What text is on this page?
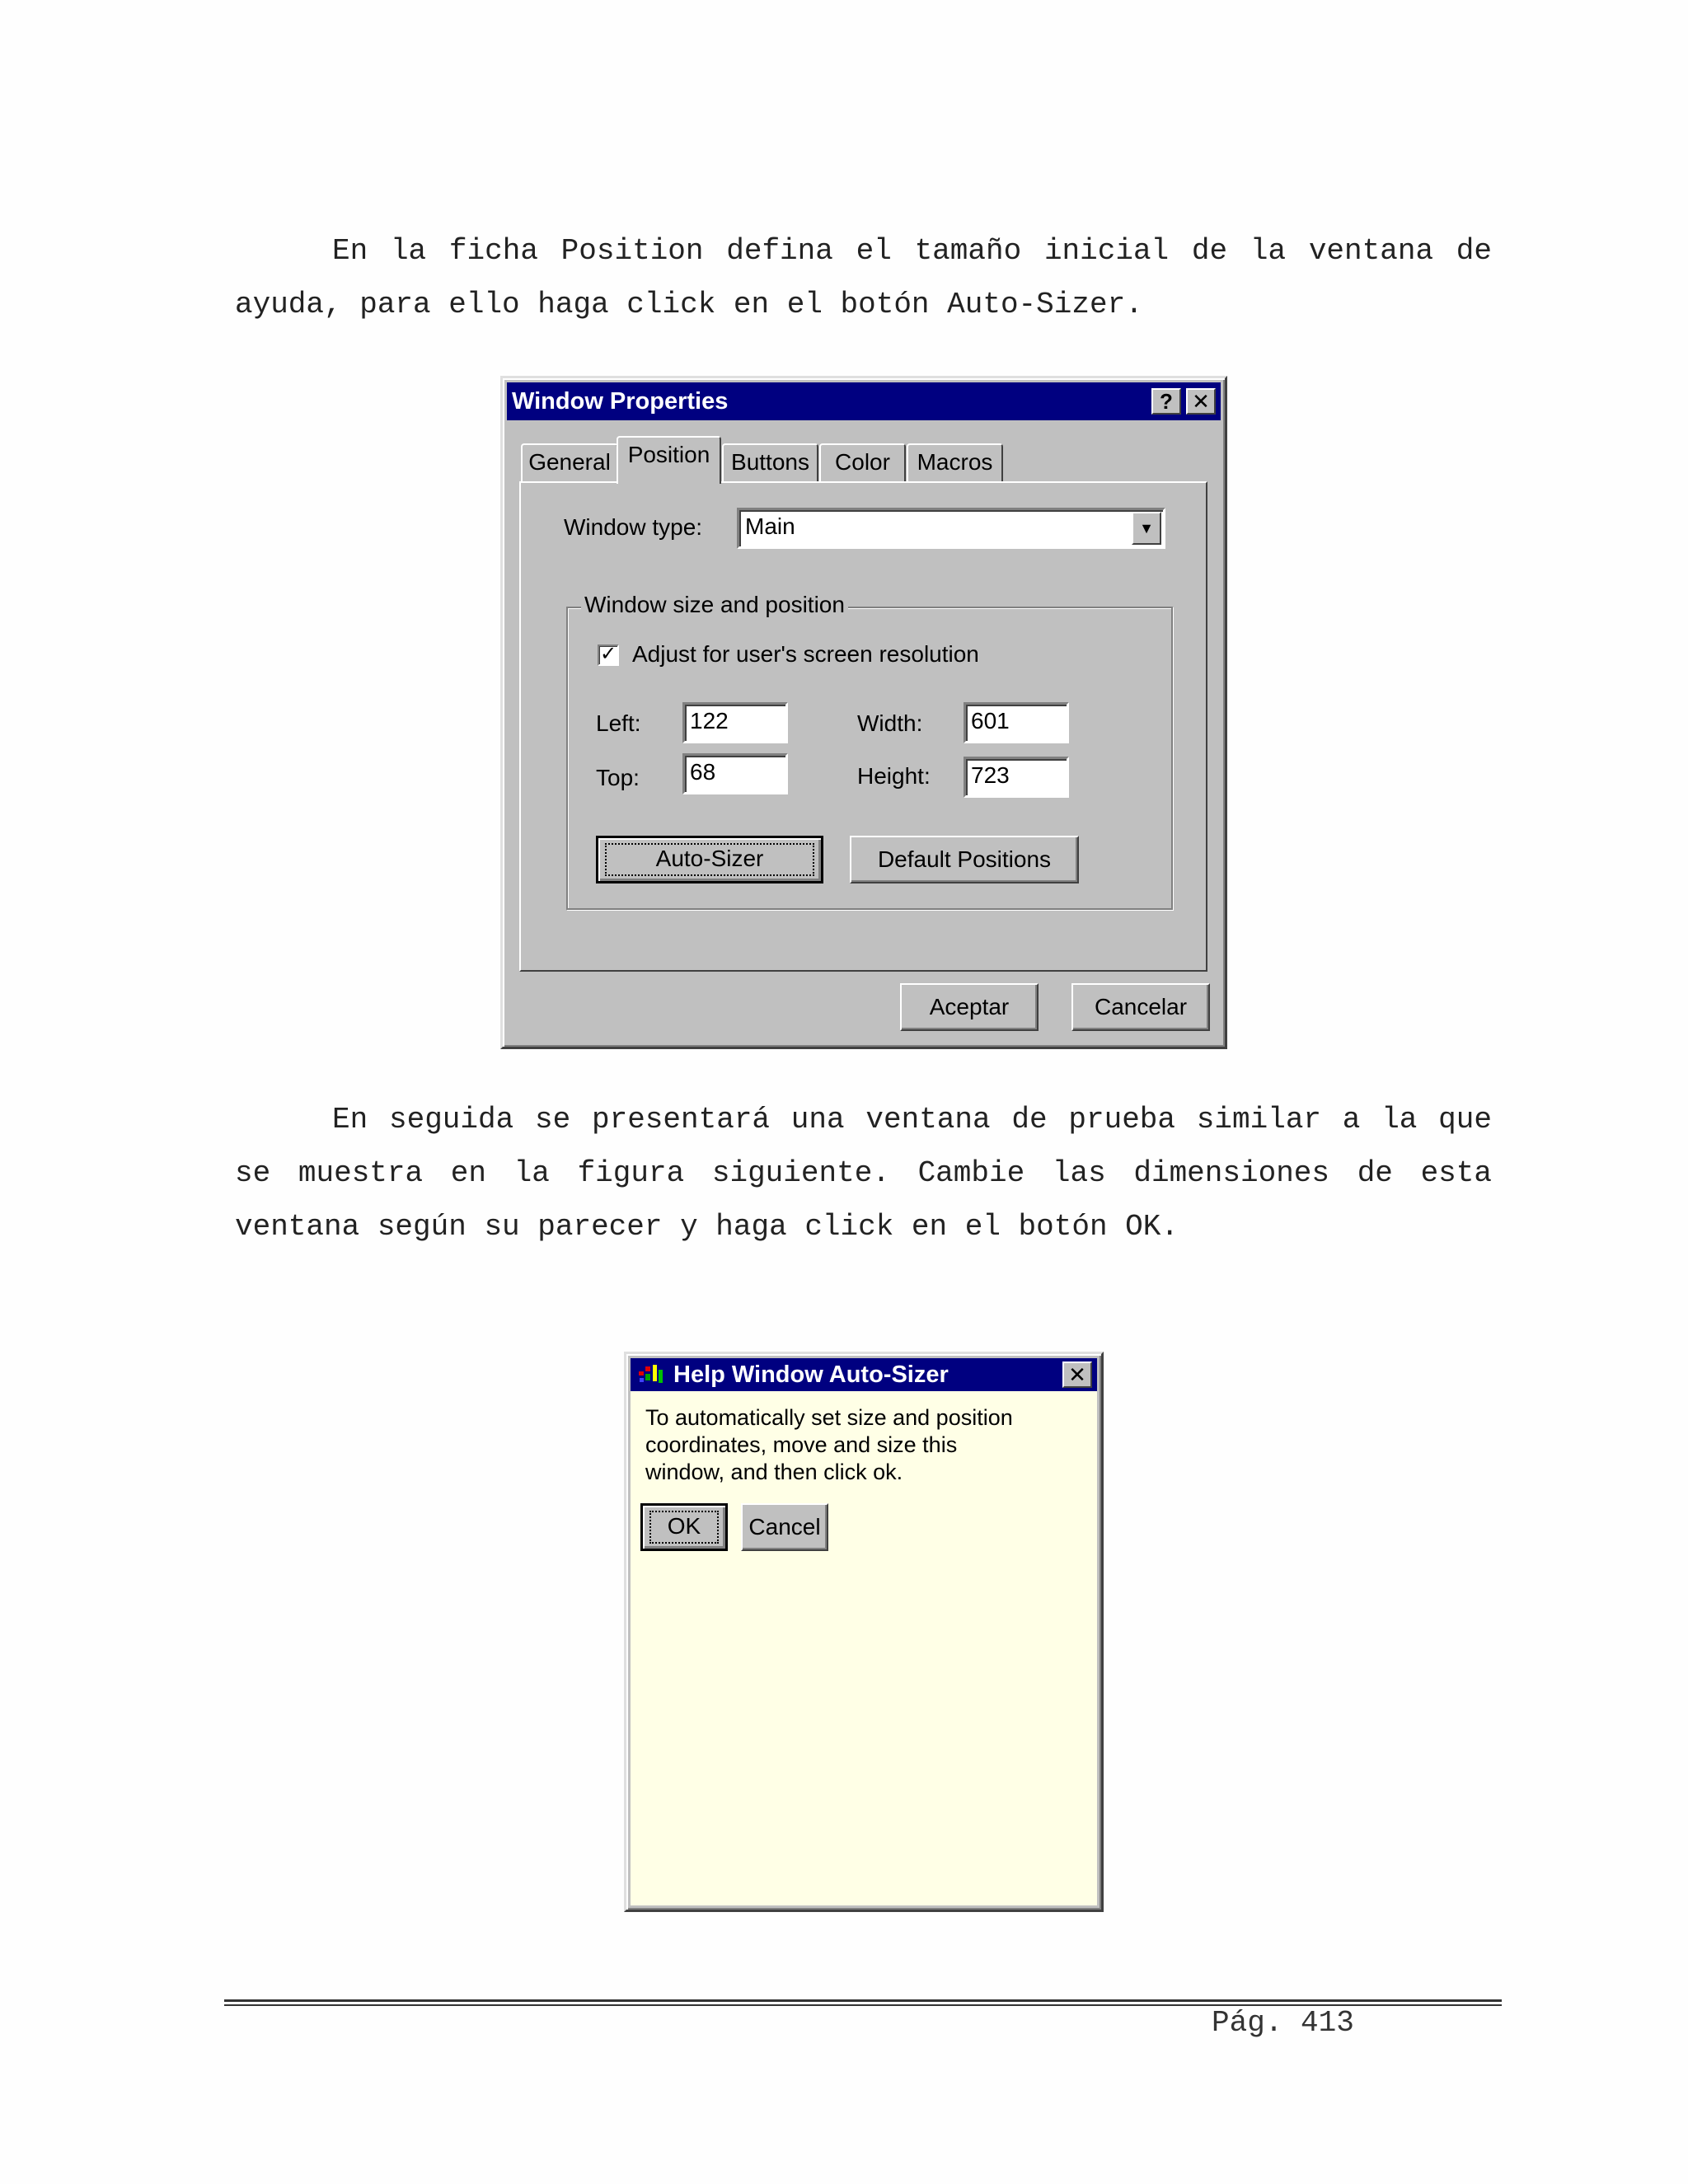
En la ficha Position defina el tamaño inicial de la ventana de ayuda, para ello haga click en el botón Auto-Sizer.

Window Properties	? ✕
General Position Buttons	Color	Macros
Window type:	Main	▼
Window size and position
✓ Adjust for user's screen resolution
Left:	122
Top:	68
Width:	601
Height:	723
Auto-Sizer	Default Positions
Aceptar	Cancelar

En seguida se presentará una ventana de prueba similar a la que se muestra en la figura siguiente. Cambie las dimensiones de esta ventana según su parecer y haga click en el botón OK.

Help Window Auto-Sizer	✕
To automatically set size and position coordinates, move and size this window, and then click ok.
OK	Cancel
Pág. 413
